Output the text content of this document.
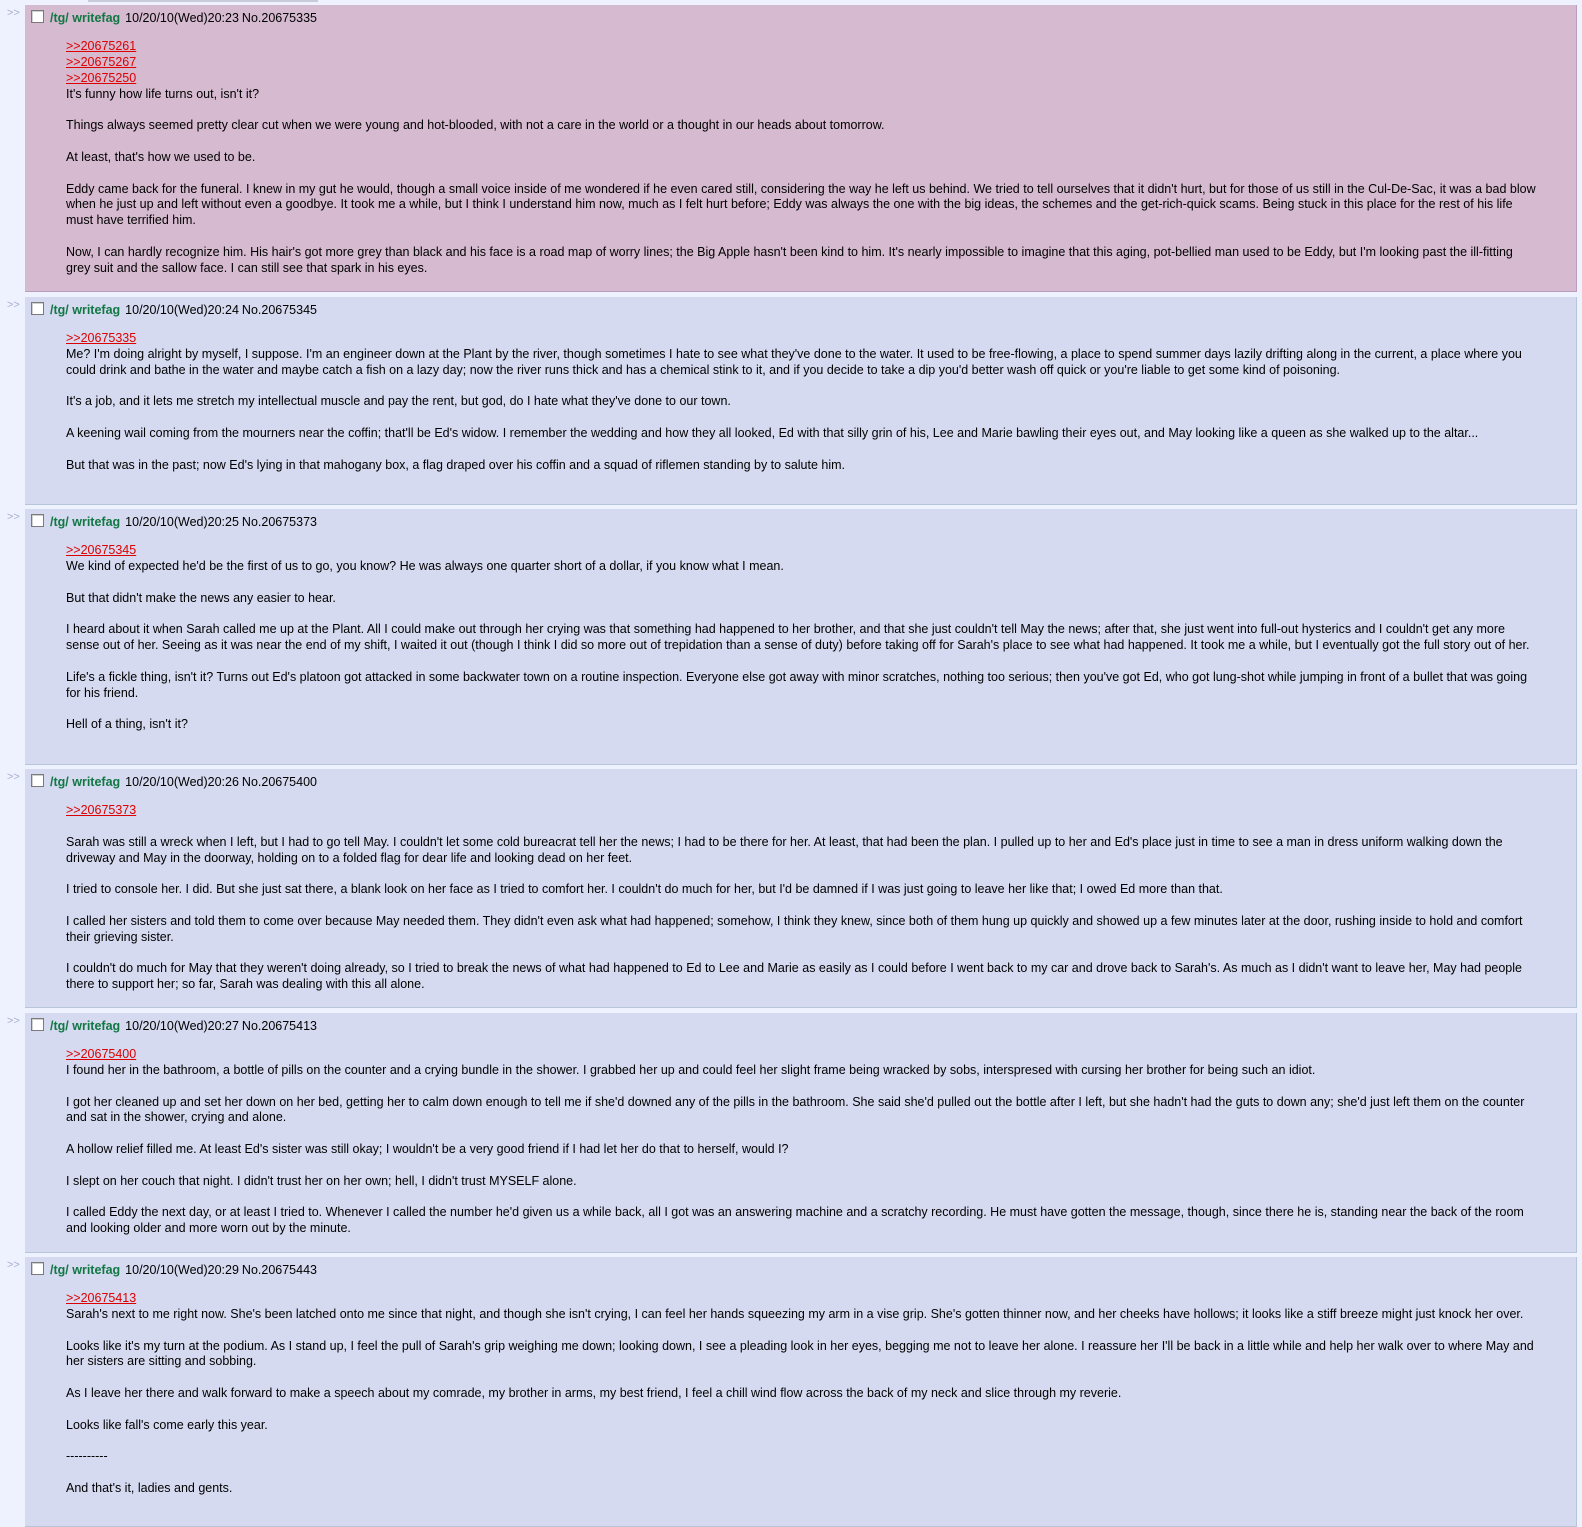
>>	/tg/ writefag 10/20/10(Wed)20:23 No.20675335
>>20675261
>>20675267
>>20675250

It's funny how life turns out, isn't it?

Things always seemed pretty clear cut when we were young and hot-blooded, with not a care in the world or a thought in our heads about tomorrow.

At least, that's how we used to be.

Eddy came back for the funeral. I knew in my gut he would, though a small voice inside of me wondered if he even cared still, considering the way he left us behind. We tried to tell ourselves that it didn't hurt, but for those of us still in the Cul-De-Sac, it was a bad blow when he just up and left without even a goodbye. It took me a while, but I think I understand him now, much as I felt hurt before; Eddy was always the one with the big ideas, the schemes and the get-rich-quick scams. Being stuck in this place for the rest of his life must have terrified him.

Now, I can hardly recognize him. His hair's got more grey than black and his face is a road map of worry lines; the Big Apple hasn't been kind to him. It's nearly impossible to imagine that this aging, pot-bellied man used to be Eddy, but I'm looking past the ill-fitting grey suit and the sallow face. I can still see that spark in his eyes.

>>	/tg/ writefag 10/20/10(Wed)20:24 No.20675345
>>20675335

Me? I'm doing alright by myself, I suppose. I'm an engineer down at the Plant by the river, though sometimes I hate to see what they've done to the water. It used to be free-flowing, a place to spend summer days lazily drifting along in the current, a place where you could drink and bathe in the water and maybe catch a fish on a lazy day; now the river runs thick and has a chemical stink to it, and if you decide to take a dip you'd better wash off quick or you're liable to get some kind of poisoning.

It's a job, and it lets me stretch my intellectual muscle and pay the rent, but god, do I hate what they've done to our town.

A keening wail coming from the mourners near the coffin; that'll be Ed's widow. I remember the wedding and how they all looked, Ed with that silly grin of his, Lee and Marie bawling their eyes out, and May looking like a queen as she walked up to the altar...

But that was in the past; now Ed's lying in that mahogany box, a flag draped over his coffin and a squad of riflemen standing by to salute him.

>>	/tg/ writefag 10/20/10(Wed)20:25 No.20675373
>>20675345

We kind of expected he'd be the first of us to go, you know? He was always one quarter short of a dollar, if you know what I mean.

But that didn't make the news any easier to hear.

I heard about it when Sarah called me up at the Plant. All I could make out through her crying was that something had happened to her brother, and that she just couldn't tell May the news; after that, she just went into full-out hysterics and I couldn't get any more sense out of her. Seeing as it was near the end of my shift, I waited it out (though I think I did so more out of trepidation than a sense of duty) before taking off for Sarah's place to see what had happened. It took me a while, but I eventually got the full story out of her.

Life's a fickle thing, isn't it? Turns out Ed's platoon got attacked in some backwater town on a routine inspection. Everyone else got away with minor scratches, nothing too serious; then you've got Ed, who got lung-shot while jumping in front of a bullet that was going for his friend.

Hell of a thing, isn't it?

>>	/tg/ writefag 10/20/10(Wed)20:26 No.20675400
>>20675373

Sarah was still a wreck when I left, but I had to go tell May. I couldn't let some cold bureacrat tell her the news; I had to be there for her. At least, that had been the plan. I pulled up to her and Ed's place just in time to see a man in dress uniform walking down the driveway and May in the doorway, holding on to a folded flag for dear life and looking dead on her feet.

I tried to console her. I did. But she just sat there, a blank look on her face as I tried to comfort her. I couldn't do much for her, but I'd be damned if I was just going to leave her like that; I owed Ed more than that.

I called her sisters and told them to come over because May needed them. They didn't even ask what had happened; somehow, I think they knew, since both of them hung up quickly and showed up a few minutes later at the door, rushing inside to hold and comfort their grieving sister.

I couldn't do much for May that they weren't doing already, so I tried to break the news of what had happened to Ed to Lee and Marie as easily as I could before I went back to my car and drove back to Sarah's. As much as I didn't want to leave her, May had people there to support her; so far, Sarah was dealing with this all alone.

>>	/tg/ writefag 10/20/10(Wed)20:27 No.20675413
>>20675400

I found her in the bathroom, a bottle of pills on the counter and a crying bundle in the shower. I grabbed her up and could feel her slight frame being wracked by sobs, interspresed with cursing her brother for being such an idiot.

I got her cleaned up and set her down on her bed, getting her to calm down enough to tell me if she'd downed any of the pills in the bathroom. She said she'd pulled out the bottle after I left, but she hadn't had the guts to down any; she'd just left them on the counter and sat in the shower, crying and alone.

A hollow relief filled me. At least Ed's sister was still okay; I wouldn't be a very good friend if I had let her do that to herself, would I?

I slept on her couch that night. I didn't trust her on her own; hell, I didn't trust MYSELF alone.

I called Eddy the next day, or at least I tried to. Whenever I called the number he'd given us a while back, all I got was an answering machine and a scratchy recording. He must have gotten the message, though, since there he is, standing near the back of the room and looking older and more worn out by the minute.

>>	/tg/ writefag 10/20/10(Wed)20:29 No.20675443
>>20675413

Sarah's next to me right now. She's been latched onto me since that night, and though she isn't crying, I can feel her hands squeezing my arm in a vise grip. She's gotten thinner now, and her cheeks have hollows; it looks like a stiff breeze might just knock her over.

Looks like it's my turn at the podium. As I stand up, I feel the pull of Sarah's grip weighing me down; looking down, I see a pleading look in her eyes, begging me not to leave her alone. I reassure her I'll be back in a little while and help her walk over to where May and her sisters are sitting and sobbing.

As I leave her there and walk forward to make a speech about my comrade, my brother in arms, my best friend, I feel a chill wind flow across the back of my neck and slice through my reverie.

Looks like fall's come early this year.

----------

And that's it, ladies and gents.
